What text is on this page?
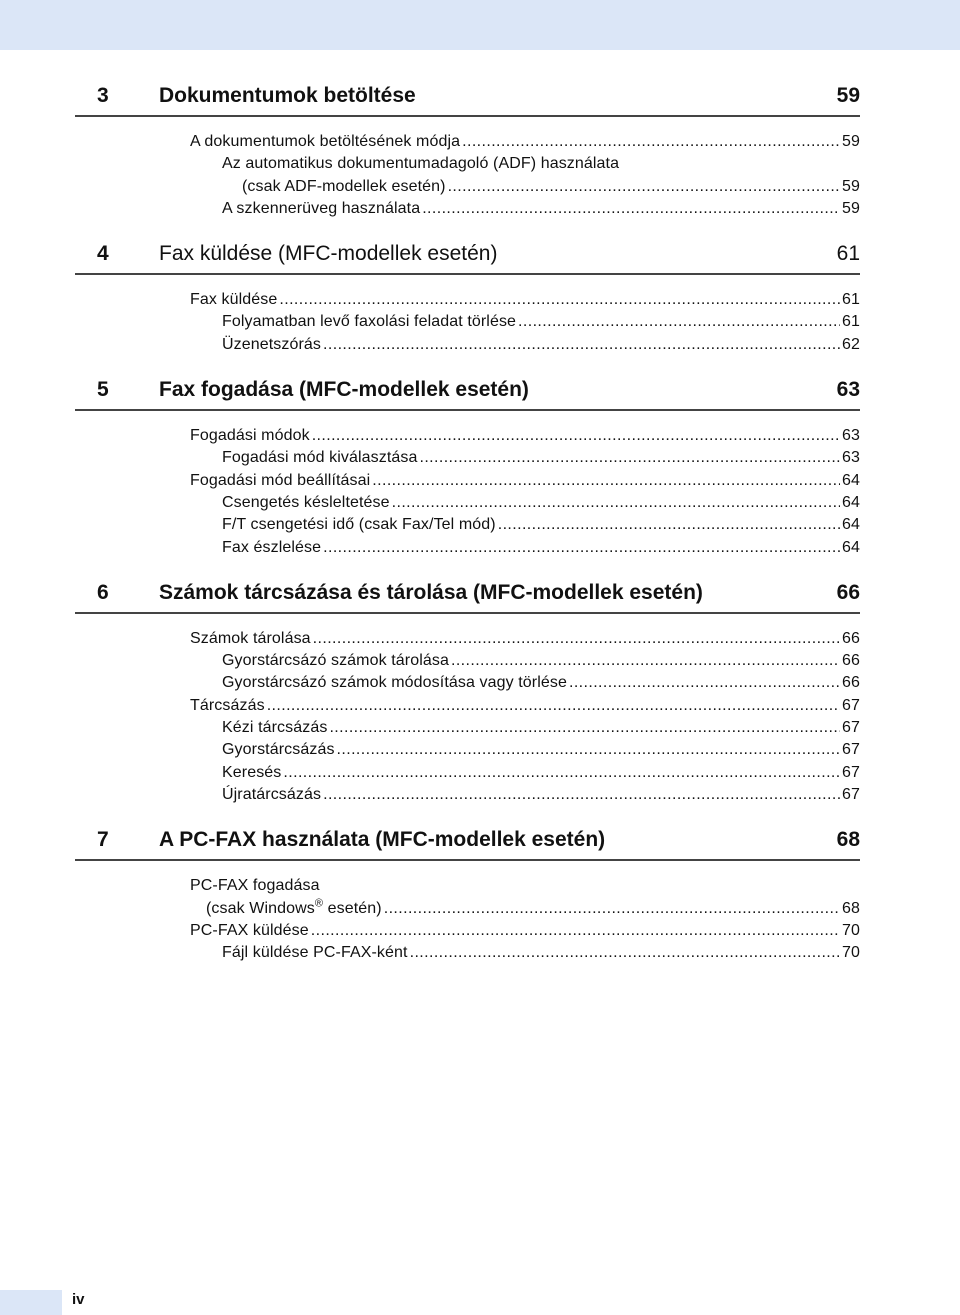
3	Dokumentumok betöltése	59
A dokumentumok betöltésének módja .....	59
Az automatikus dokumentumadagoló (ADF) használata
(csak ADF-modellek esetén) .....	59
A szkennerüveg használata .....	59
4	Fax küldése (MFC-modellek esetén)	61
Fax küldése .....	61
Folyamatban levő faxolási feladat törlése .....	61
Üzenetszórás .....	62
5	Fax fogadása (MFC-modellek esetén)	63
Fogadási módok .....	63
Fogadási mód kiválasztása .....	63
Fogadási mód beállításai .....	64
Csengetés késleltetése .....	64
F/T csengetési idő (csak Fax/Tel mód) .....	64
Fax észlelése .....	64
6	Számok tárcsázása és tárolása (MFC-modellek esetén)	66
Számok tárolása .....	66
Gyorstárcsázó számok tárolása .....	66
Gyorstárcsázó számok módosítása vagy törlése .....	66
Tárcsázás .....	67
Kézi tárcsázás .....	67
Gyorstárcsázás .....	67
Keresés .....	67
Újratárcsázás .....	67
7	A PC-FAX használata (MFC-modellek esetén)	68
PC-FAX fogadása
(csak Windows® esetén) .....	68
PC-FAX küldése .....	70
Fájl küldése PC-FAX-ként .....	70
iv
